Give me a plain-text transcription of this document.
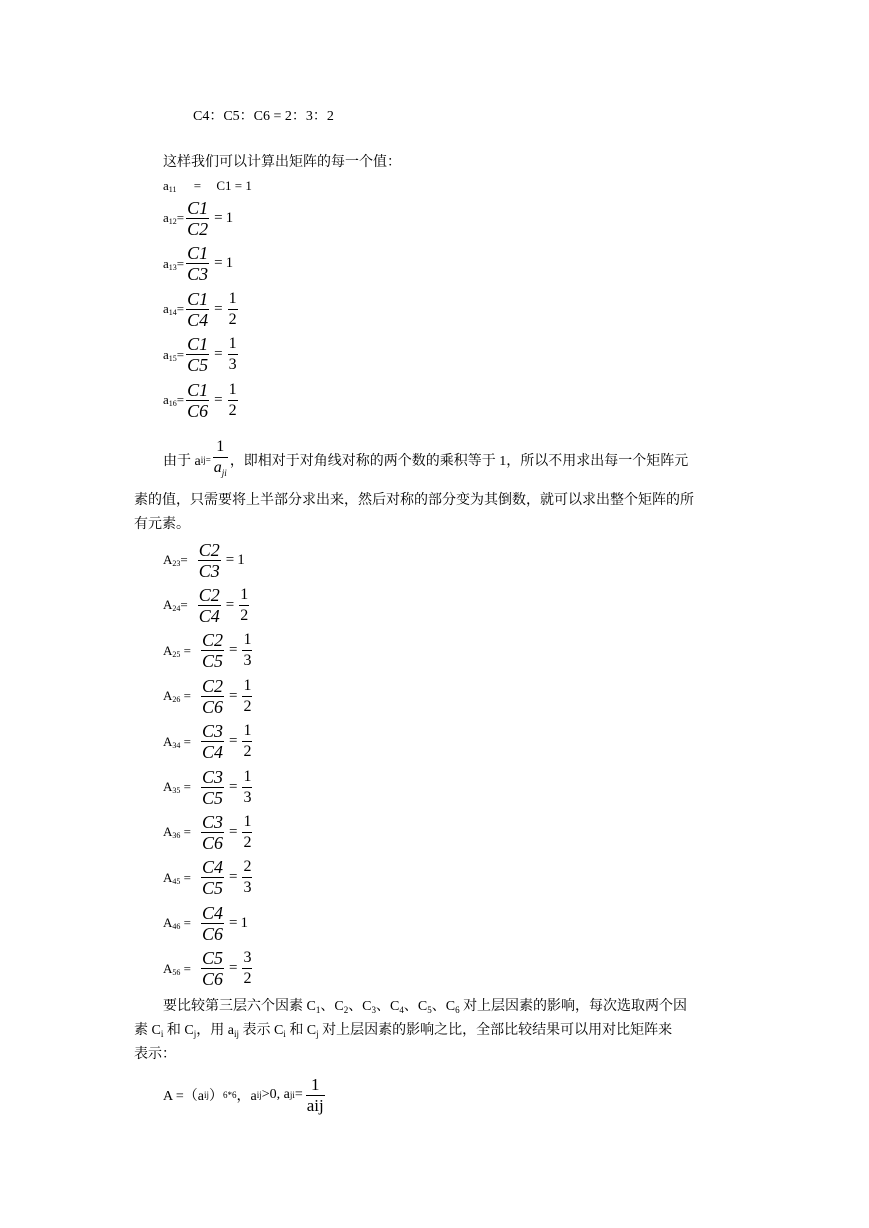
C4：C5：C6 = 2：3：2
这样我们可以计算出矩阵的每一个值：
$a_{11} = C1 = 1$
$a_{12}= \frac{C1}{C2} = 1$
$a_{13}= \frac{C1}{C3} = 1$
$a_{14}= \frac{C1}{C4} = \frac{1}{2}$
$a_{15}= \frac{C1}{C5} = \frac{1}{3}$
$a_{16}= \frac{C1}{C6} = \frac{1}{2}$
由于 a $ij= \frac{1}{a_{ji}}$ ，即相对于对角线对称的两个数的乘积等于 1，所以不用求出每一个矩阵元
素的值，只需要将上半部分求出来，然后对称的部分变为其倒数，就可以求出整个矩阵的所
有元素。
$A_{23}= \frac{C2}{C3} = 1$
$A_{24}= \frac{C2}{C4} = \frac{1}{2}$
$A_{25} = \frac{C2}{C5} = \frac{1}{3}$
$A_{26} = \frac{C2}{C6} = \frac{1}{2}$
$A_{34} = \frac{C3}{C4} = \frac{1}{2}$
$A_{35} = \frac{C3}{C5} = \frac{1}{3}$
$A_{36} = \frac{C3}{C6} = \frac{1}{2}$
$A_{45} = \frac{C4}{C5} = \frac{2}{3}$
$A_{46} = \frac{C4}{C6} = 1$
$A_{56} = \frac{C5}{C6} = \frac{3}{2}$
要比较第三层六个因素 $C_1$、$C_2$、$C_3$、$C_4$、$C_5$、$C_6$ 对上层因素的影响，每次选取两个因
素 $C_i$ 和 $C_j$，用 $a_{ij}$ 表示 $C_i$ 和 $C_j$ 对上层因素的影响之比，全部比较结果可以用对比矩阵来
表示：
A =（a ij ） 6*6 ，a ij >0, a ji = $\frac{1}{\text{aij}}$
